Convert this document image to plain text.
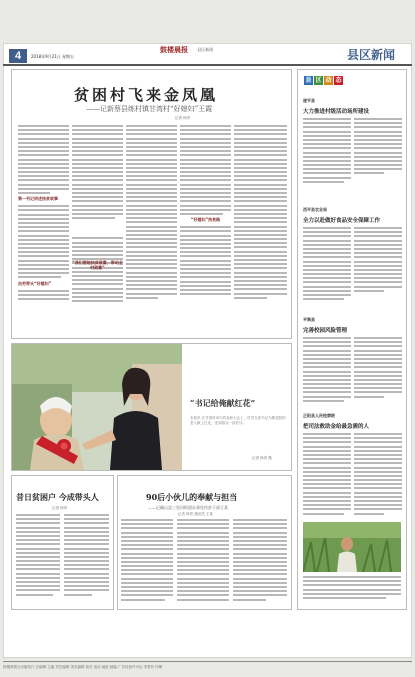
4	2018年9月21日 星期五
鼓楼晨报 ·县区新闻	县区新闻
贫困村飞来金凤凰
——记新蔡县练村镇甘湾村“好媳妇”王霞
记者 杨青
第一书记讲述扶贫故事
治穷带头“好媳妇”
“我们要她扶贫致富，带动全村致富”
“好媳妇”扶贫路
“书记给俺献红花”
本报讯 在甘湾村举行的表彰大会上，村党支部书记为敬老院的老人献上红花，受到群众一致好评。
记者 杨青 摄
昔日贫困户 今成带头人
记者 杨青
90后小伙儿的奉献与担当
——记确山县三里河街道办事处扶贫干部王某
记者 杨青 通讯员 王某
县 区 动 态
遂平县
大力推进村级活动场所建设
西平县农业局
全力以赴做好食品安全保障工作
平舆县
完善校园风险管理
正阳县人民检察院
把司法救助金给最急需的人
鼓楼晨报社出版发行 总编辑 主编 责任编辑 美术编辑 校对 电话 地址 邮编 广告经营许可证 零售价 印刷
